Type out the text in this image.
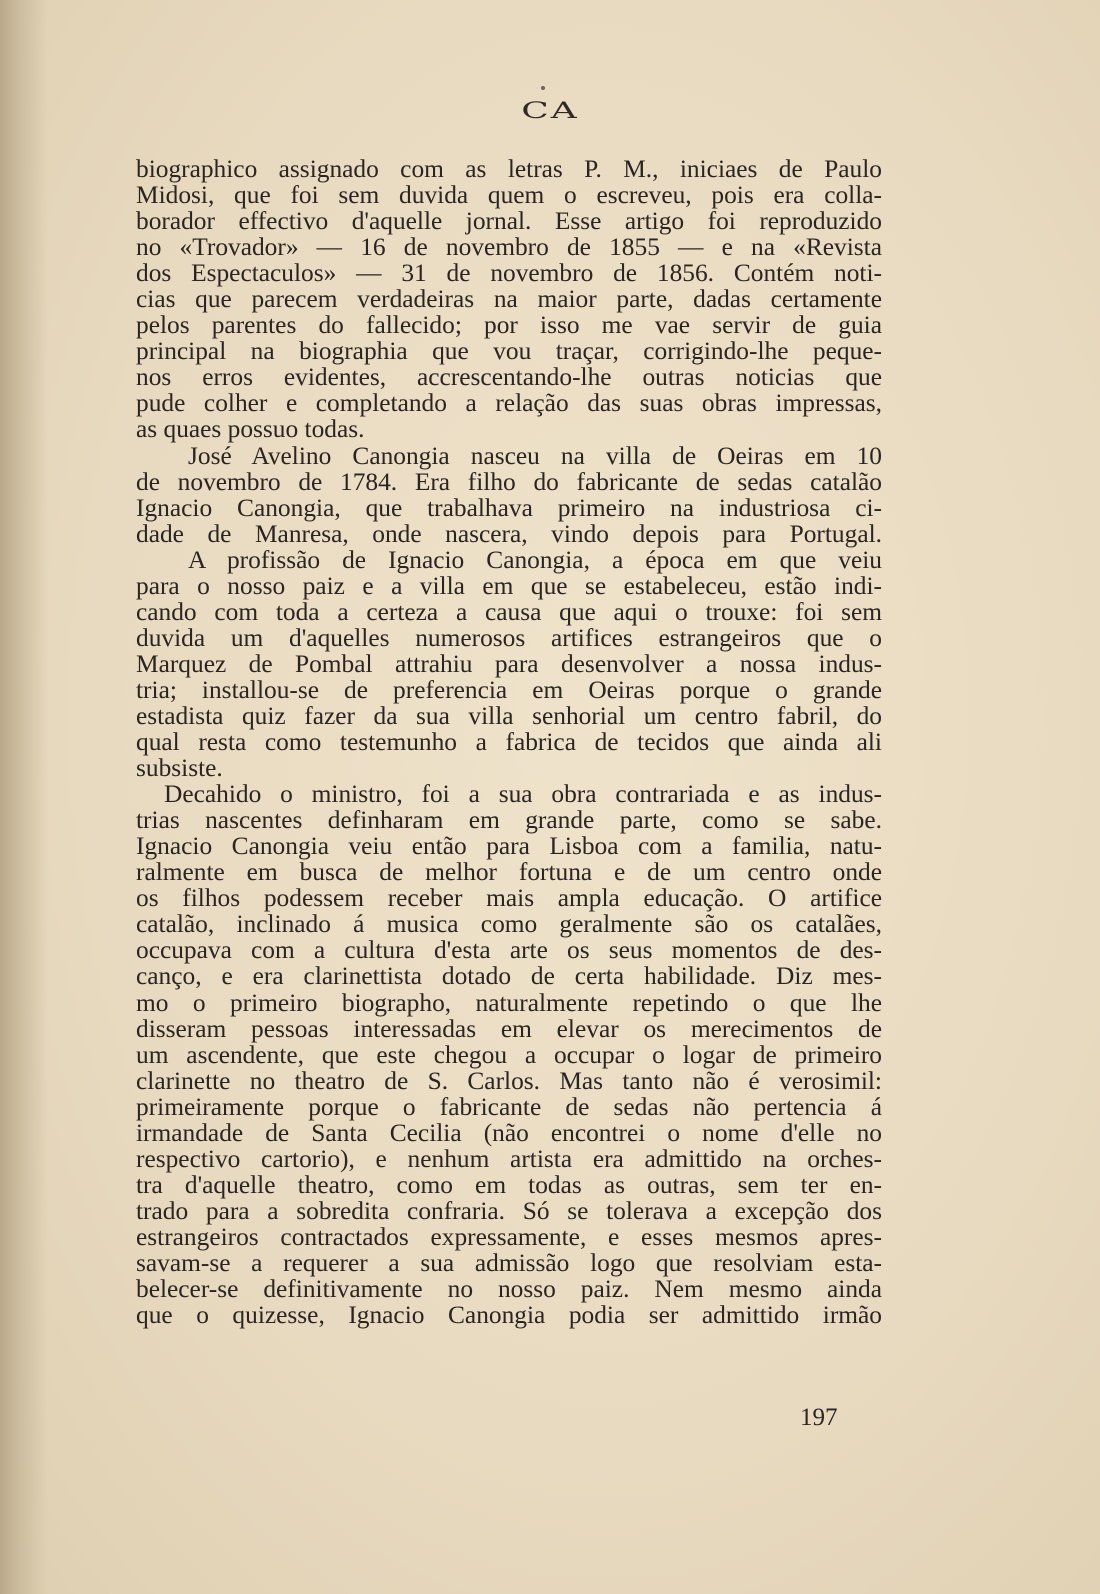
CA
biographico assignado com as letras P. M., iniciaes de Paulo
Midosi, que foi sem duvida quem o escreveu, pois era colla-
borador effectivo d'aquelle jornal. Esse artigo foi reproduzido
no «Trovador» — 16 de novembro de 1855 — e na «Revista
dos Espectaculos» — 31 de novembro de 1856. Contém noti-
cias que parecem verdadeiras na maior parte, dadas certamente
pelos parentes do fallecido; por isso me vae servir de guia
principal na biographia que vou traçar, corrigindo-lhe peque-
nos erros evidentes, accrescentando-lhe outras noticias que
pude colher e completando a relação das suas obras impressas,
as quaes possuo todas.
José Avelino Canongia nasceu na villa de Oeiras em 10
de novembro de 1784. Era filho do fabricante de sedas catalão
Ignacio Canongia, que trabalhava primeiro na industriosa ci-
dade de Manresa, onde nascera, vindo depois para Portugal.
A profissão de Ignacio Canongia, a época em que veiu
para o nosso paiz e a villa em que se estabeleceu, estão indi-
cando com toda a certeza a causa que aqui o trouxe: foi sem
duvida um d'aquelles numerosos artifices estrangeiros que o
Marquez de Pombal attrahiu para desenvolver a nossa indus-
tria; installou-se de preferencia em Oeiras porque o grande
estadista quiz fazer da sua villa senhorial um centro fabril, do
qual resta como testemunho a fabrica de tecidos que ainda ali
subsiste.
Decahido o ministro, foi a sua obra contrariada e as indus-
trias nascentes definharam em grande parte, como se sabe.
Ignacio Canongia veiu então para Lisboa com a familia, natu-
ralmente em busca de melhor fortuna e de um centro onde
os filhos podessem receber mais ampla educação. O artifice
catalão, inclinado á musica como geralmente são os catalães,
occupava com a cultura d'esta arte os seus momentos de des-
canço, e era clarinettista dotado de certa habilidade. Diz mes-
mo o primeiro biographo, naturalmente repetindo o que lhe
disseram pessoas interessadas em elevar os merecimentos de
um ascendente, que este chegou a occupar o logar de primeiro
clarinette no theatro de S. Carlos. Mas tanto não é verosimil:
primeiramente porque o fabricante de sedas não pertencia á
irmandade de Santa Cecilia (não encontrei o nome d'elle no
respectivo cartorio), e nenhum artista era admittido na orches-
tra d'aquelle theatro, como em todas as outras, sem ter en-
trado para a sobredita confraria. Só se tolerava a excepção dos
estrangeiros contractados expressamente, e esses mesmos apres-
savam-se a requerer a sua admissão logo que resolviam esta-
belecer-se definitivamente no nosso paiz. Nem mesmo ainda
que o quizesse, Ignacio Canongia podia ser admittido irmão
197
